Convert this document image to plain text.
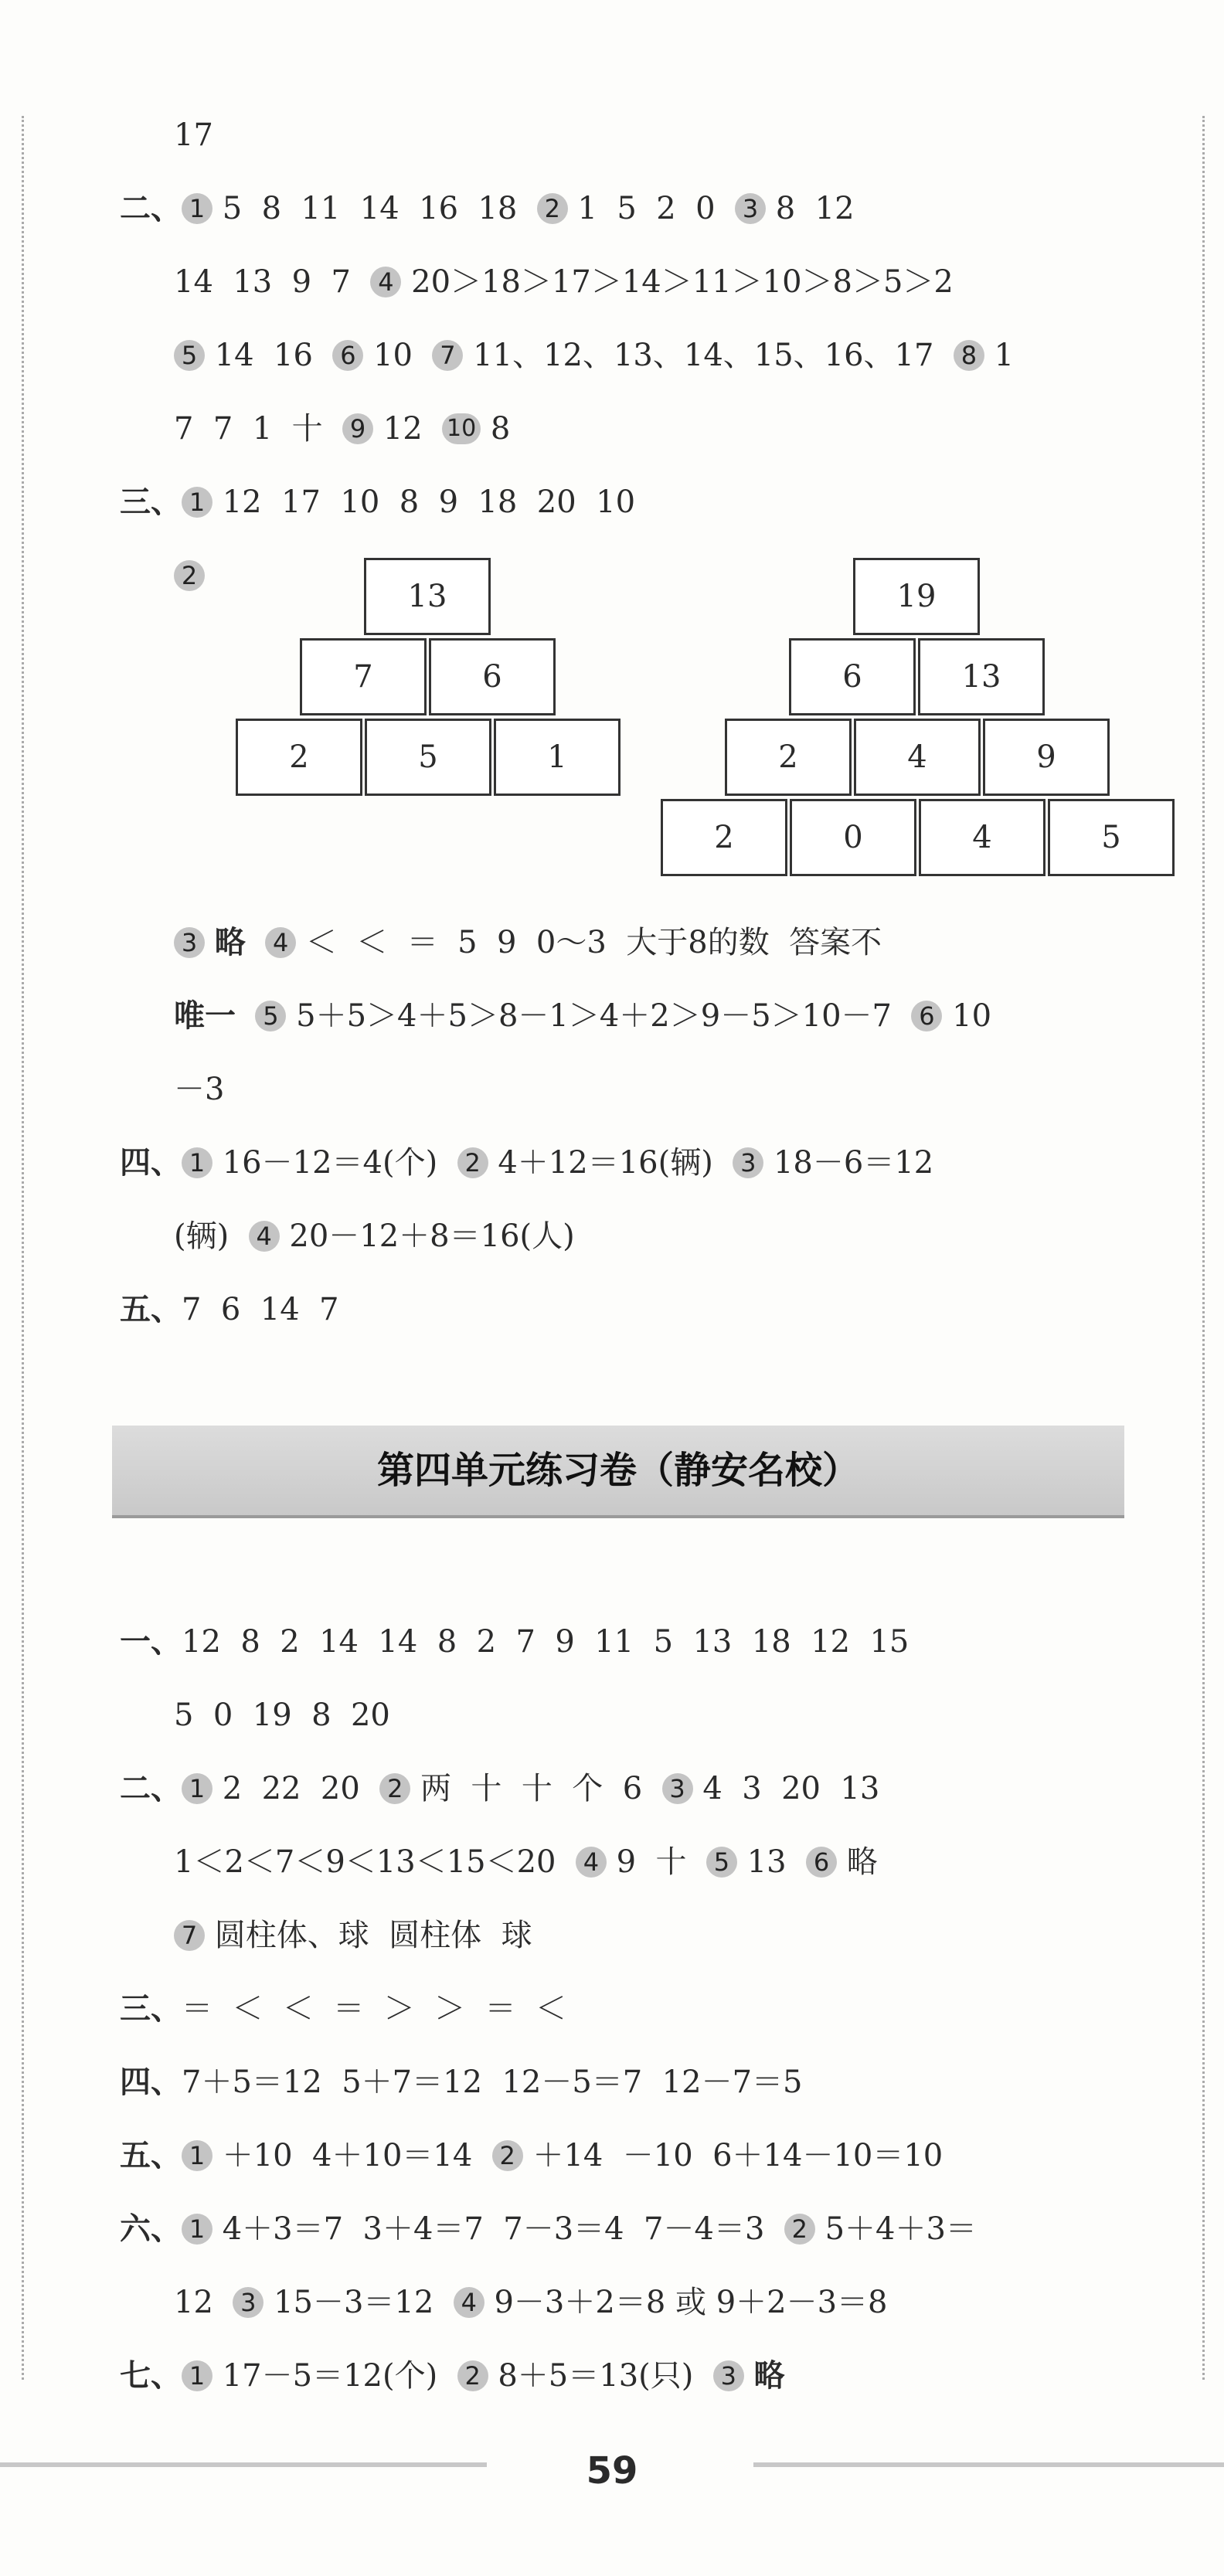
17
二、 1 5  8  11  14  16  18 2 1  5  2  0 3 8  12
14  13  9  7 4 20＞18＞17＞14＞11＞10＞8＞5＞2
5 14  16 6 10 7 11、12、13、14、15、16、17 8 1
7  7  1  十 9 12 10 8
三、 1 12  17  10  8  9  18  20  10
2
13
7	6
2	5	1
19
6	13
2	4	9
2	0	4	5
3 略 4 ＜  ＜  ＝  5  9  0～3  大于8的数  答案不
唯一 5 5＋5＞4＋5＞8－1＞4＋2＞9－5＞10－7 6 10
－3
四、 1 16－12＝4(个) 2 4＋12＝16(辆) 3 18－6＝12
(辆) 4 20－12＋8＝16(人)
五、7  6  14  7
第四单元练习卷（静安名校）
一、12  8  2  14  14  8  2  7  9  11  5  13  18  12  15
5  0  19  8  20
二、 1 2  22  20 2 两  十  十  个  6 3 4  3  20  13
1＜2＜7＜9＜13＜15＜20 4 9  十 5 13 6 略
7 圆柱体、球  圆柱体  球
三、＝  ＜  ＜  ＝  ＞  ＞  ＝  ＜
四、7＋5＝12  5＋7＝12  12－5＝7  12－7＝5
五、 1 ＋10  4＋10＝14 2 ＋14  －10  6＋14－10＝10
六、 1 4＋3＝7  3＋4＝7  7－3＝4  7－4＝3 2 5＋4＋3＝
12 3 15－3＝12 4 9－3＋2＝8 或 9＋2－3＝8
七、 1 17－5＝12(个) 2 8＋5＝13(只) 3 略
59
